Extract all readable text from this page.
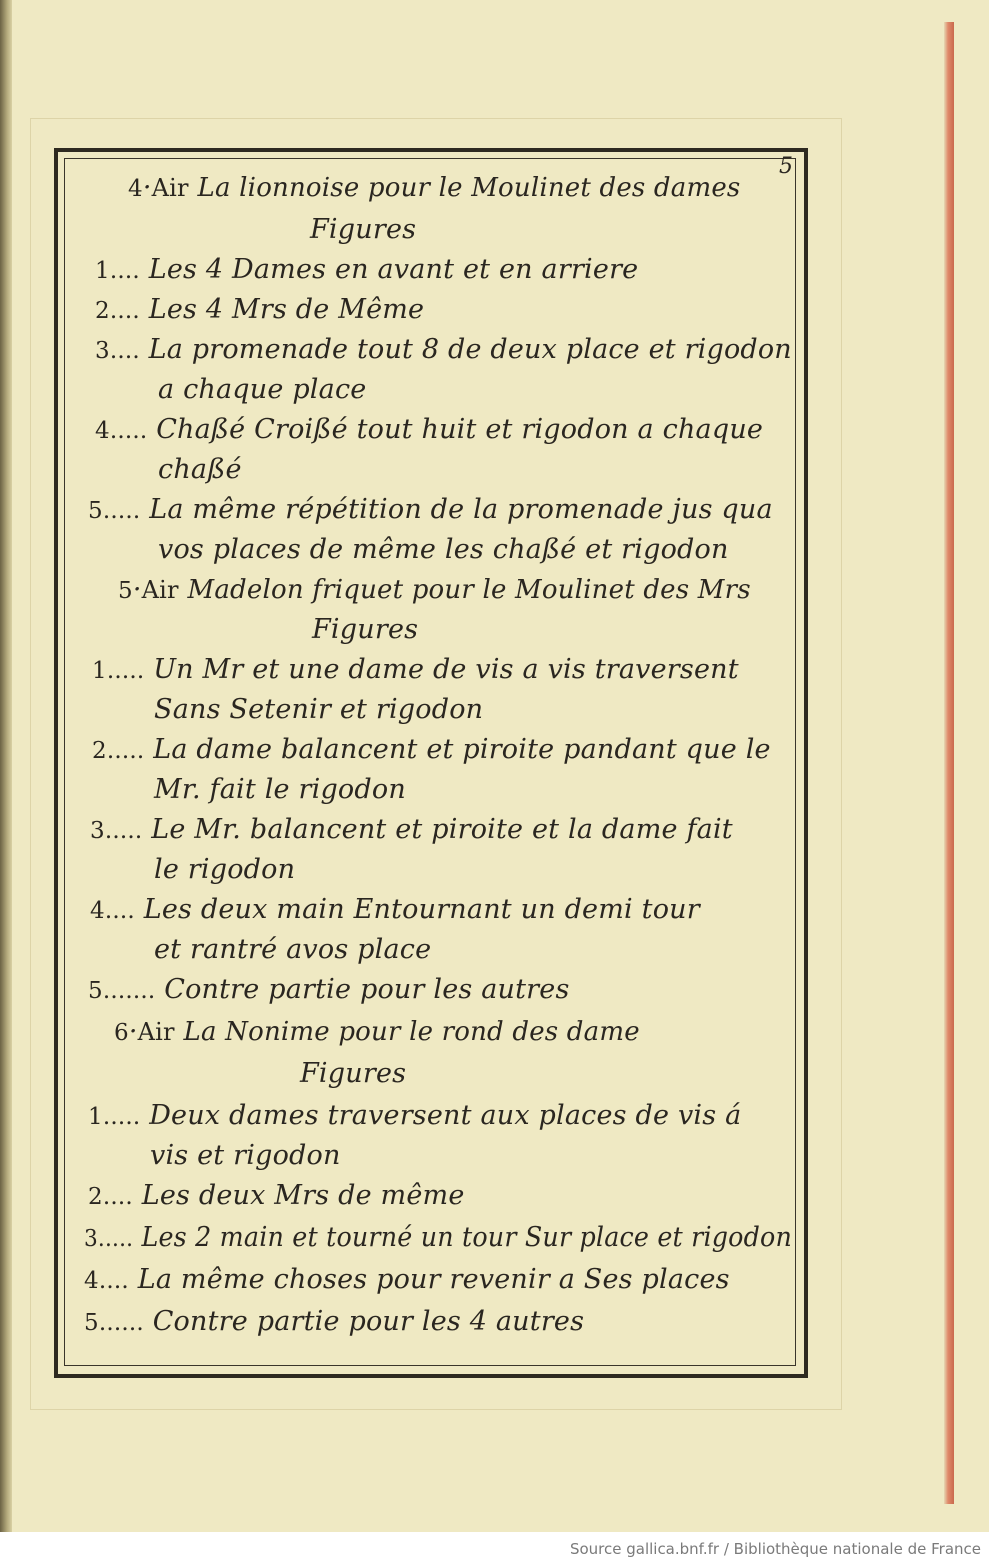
5
4·Air La lionnoise pour le Moulinet des dames
Figures
1.... Les 4 Dames en avant et en arriere
2.... Les 4 Mrs de Même
3.... La promenade tout 8 de deux place et rigodon
a chaque place
4..... Chaßé Croißé tout huit et rigodon a chaque
chaßé
5..... La même répétition de la promenade jus qua
vos places de même les chaßé et rigodon
5·Air Madelon friquet pour le Moulinet des Mrs
Figures
1..... Un Mr et une dame de vis a vis traversent
Sans Setenir et rigodon
2..... La dame balancent et piroite pandant que le
Mr. fait le rigodon
3..... Le Mr. balancent et piroite et la dame fait
le rigodon
4.... Les deux main Entournant un demi tour
et rantré avos place
5....... Contre partie pour les autres
6·Air La Nonime pour le rond des dame
Figures
1..... Deux dames traversent aux places de vis á
vis et rigodon
2.... Les deux Mrs de même
3..... Les 2 main et tourné un tour Sur place et rigodon
4.... La même choses pour revenir a Ses places
5...... Contre partie pour les 4 autres
Source gallica.bnf.fr / Bibliothèque nationale de France
